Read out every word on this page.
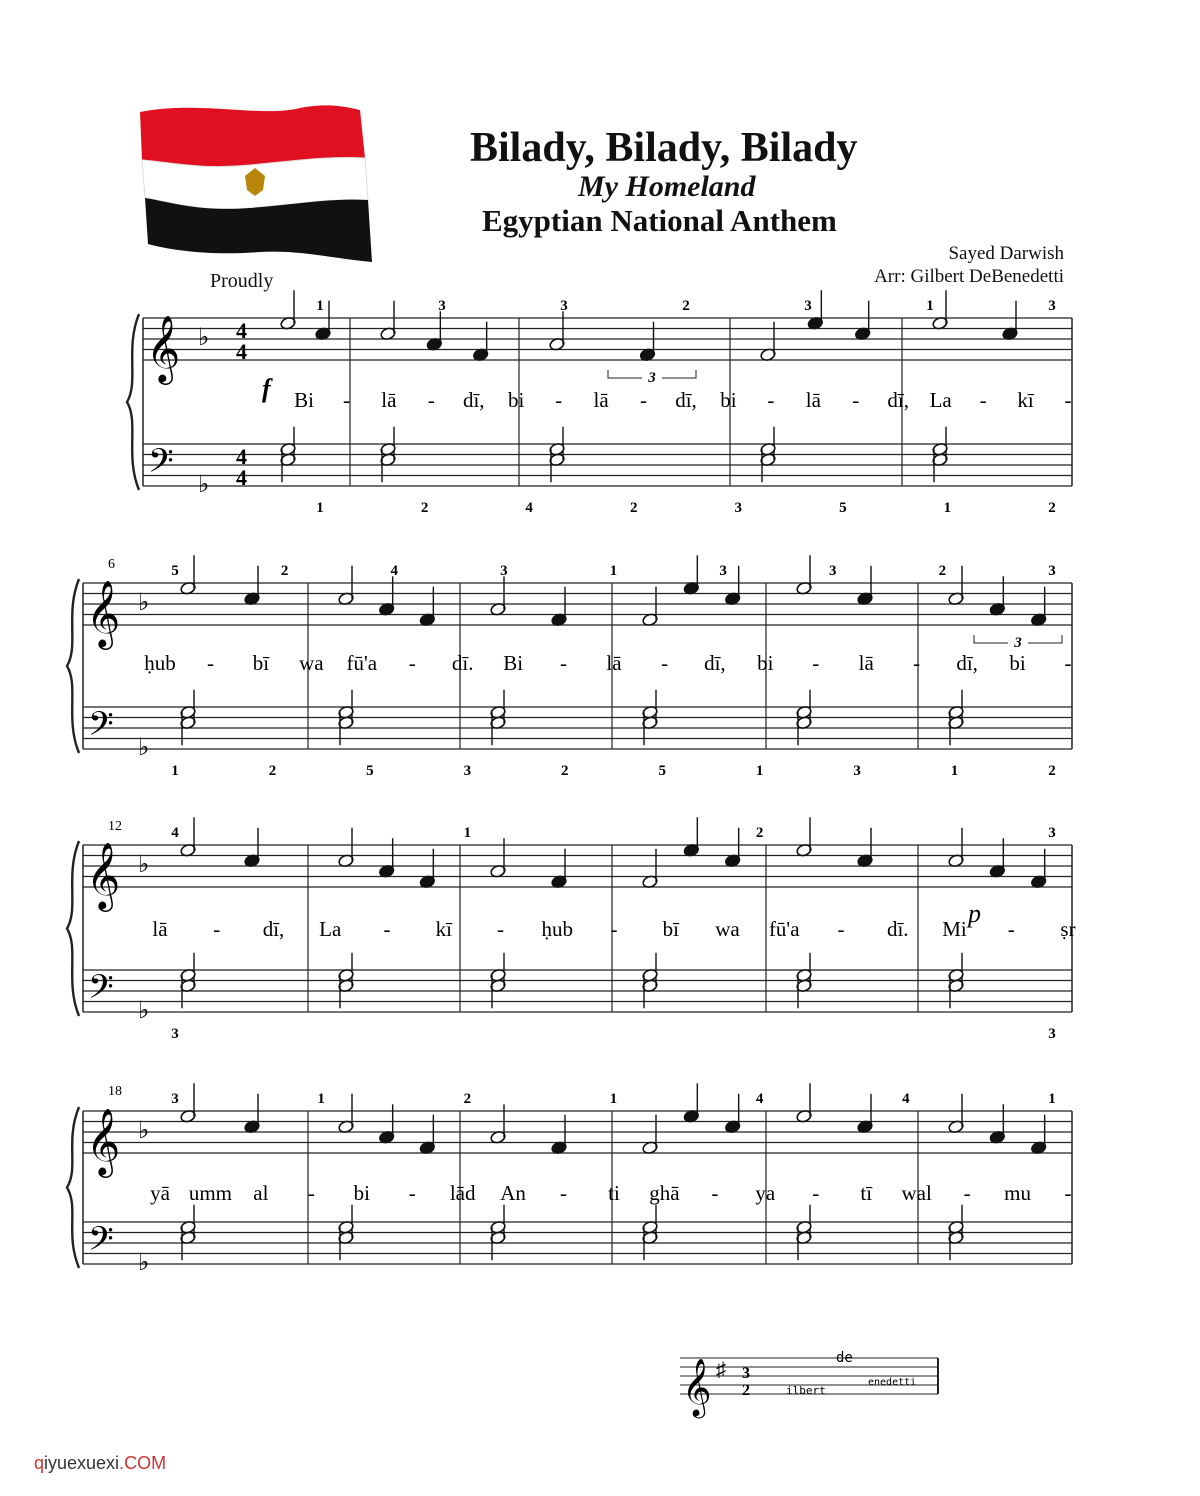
Bilady, Bilady, Bilady
My Homeland
Egyptian National Anthem
Sayed Darwish
Arr: Gilbert DeBenedetti
Proudly
qiyuexuexi.COM
𝄞
𝄢
♭
♭
𝄞
𝄢
♭
♭
𝄞
𝄢
♭
♭
𝄞
𝄢
♭
♭
4
4
4
4
6
12
18
f
p
Bi - lā - dī, bi - lā - dī, bi - lā - dī, La - kī -
ḥub - bī wa fū'a - dī. Bi - lā - dī, bi - lā - dī, bi -
lā - dī, La - kī - ḥub - bī wa fū'a - dī. Mi - ṣr
yā umm al - bi - lād An - ti ghā - ya - tī wal - mu -
1	3	3	2	3	1	3
1	2	4	2	3	5	1	2
3
5	2	4	3	1	3	3	2	3
1	2	5	3	2	5	1	3	1	2
3
4	1	2	3
3	3
3	1	2	1	4	4	1
𝄞 ♯ 3
2	ilbert
de
enedetti
